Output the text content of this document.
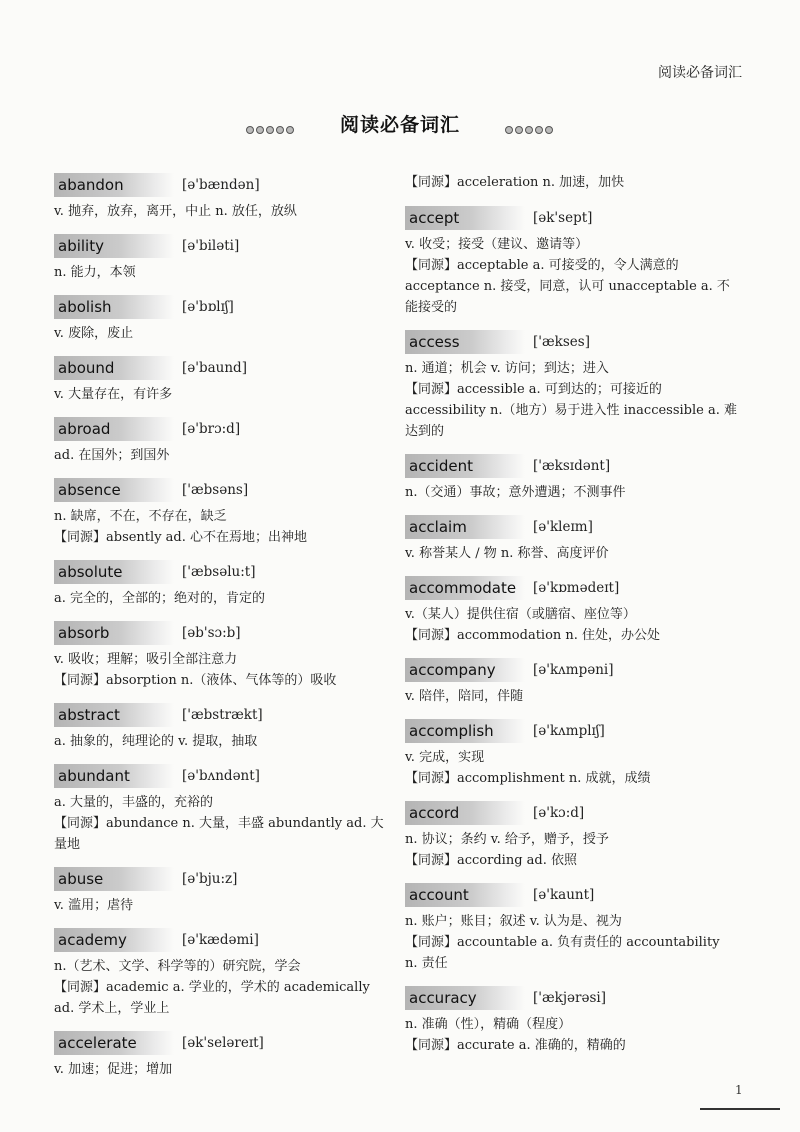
阅读必备词汇
阅读必备词汇
abandon	[ə'bændən]

v. 抛弃，放弃，离开，中止 n. 放任，放纵

ability	[ə'biləti]

n. 能力，本领

abolish	[ə'bɒlɪʃ]

v. 废除，废止

abound	[ə'baund]

v. 大量存在，有许多

abroad	[ə'brɔ:d]

ad. 在国外；到国外

absence	['æbsəns]

n. 缺席，不在，不存在，缺乏

【同源】absently ad. 心不在焉地；出神地

absolute	['æbsəlu:t]

a. 完全的，全部的；绝对的，肯定的

absorb	[əb'sɔ:b]

v. 吸收；理解；吸引全部注意力

【同源】absorption n.（液体、气体等的）吸收

abstract	['æbstrækt]

a. 抽象的，纯理论的 v. 提取，抽取

abundant	[ə'bʌndənt]

a. 大量的，丰盛的，充裕的

【同源】abundance n. 大量，丰盛 abundantly ad. 大

量地

abuse	[ə'bju:z]

v. 滥用；虐待

academy	[ə'kædəmi]

n.（艺术、文学、科学等的）研究院，学会

【同源】academic a. 学业的，学术的 academically

ad. 学术上，学业上

accelerate	[ək'seləreɪt]

v. 加速；促进；增加

【同源】acceleration n. 加速，加快

accept	[ək'sept]

v. 收受；接受（建议、邀请等）

【同源】acceptable a. 可接受的，令人满意的

acceptance n. 接受，同意，认可 unacceptable a. 不

能接受的

access	['ækses]

n. 通道；机会 v. 访问；到达；进入

【同源】accessible a. 可到达的；可接近的

accessibility n.（地方）易于进入性 inaccessible a. 难

达到的

accident	['æksɪdənt]

n.（交通）事故；意外遭遇；不测事件

acclaim	[ə'kleɪm]

v. 称誉某人 / 物 n. 称誉、高度评价

accommodate	[ə'kɒmədeɪt]

v.（某人）提供住宿（或膳宿、座位等）

【同源】accommodation n. 住处，办公处

accompany	[ə'kʌmpəni]

v. 陪伴，陪同，伴随

accomplish	[ə'kʌmplɪʃ]

v. 完成，实现

【同源】accomplishment n. 成就，成绩

accord	[ə'kɔ:d]

n. 协议；条约 v. 给予，赠予，授予

【同源】according ad. 依照

account	[ə'kaunt]

n. 账户；账目；叙述 v. 认为是、视为

【同源】accountable a. 负有责任的 accountability

n. 责任

accuracy	['ækjərəsi]

n. 准确（性），精确（程度）

【同源】accurate a. 准确的，精确的

1
